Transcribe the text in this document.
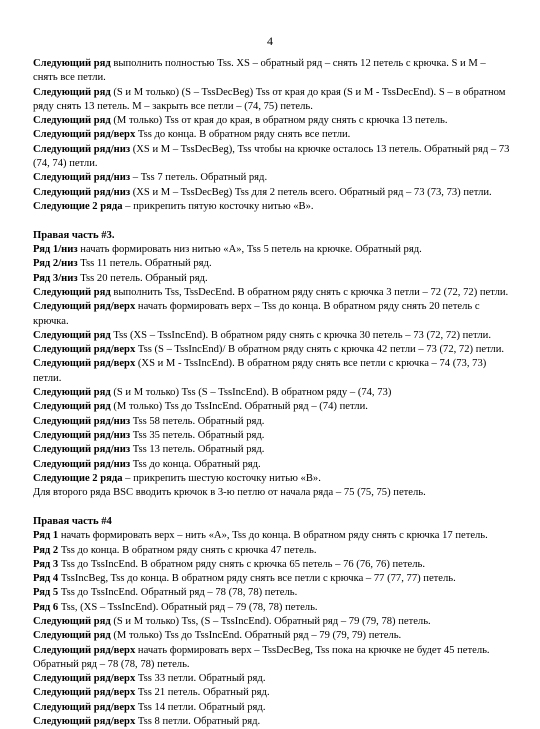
4

Следующий ряд выполнить полностью Tss. XS – обратный ряд – снять 12 петель с крючка. S и M – снять все петли.

Следующий ряд (S и M только) (S – TssDecBeg) Tss от края до края (S и M - TssDecEnd). S – в обратном ряду снять 13 петель. М – закрыть все петли – (74, 75) петель.

Следующий ряд (М только) Tss от края до края, в обратном ряду снять с крючка 13 петель.

Следующий ряд/верх Tss до конца. В обратном ряду снять все петли.

Следующий ряд/низ (XS и M – TssDecBeg), Tss чтобы на крючке осталось 13 петель. Обратный ряд – 73 (74, 74) петли.

Следующий ряд/низ – Tss 7 петель. Обратный ряд.

Следующий ряд/низ (XS и M – TssDecBeg) Tss для 2 петель всего. Обратный ряд – 73 (73, 73) петли.

Следующие 2 ряда – прикрепить пятую косточку нитью «В».

Правая часть #3.

Ряд 1/низ начать формировать низ нитью «А», Tss 5 петель на крючке. Обратный ряд.

Ряд 2/низ Tss 11 петель. Обратный ряд.

Ряд 3/низ Tss 20 петель. Обраный ряд.

Следующий ряд выполнить Tss, TssDecEnd. В обратном ряду снять с крючка 3 петли – 72 (72, 72) петли.

Следующий ряд/верх начать формировать верх – Tss до конца. В обратном ряду снять 20 петель с крючка.

Следующий ряд Tss (XS – TssIncEnd). В обратном ряду снять с крючка 30 петель – 73 (72, 72) петли.

Следующий ряд/верх Tss (S – TssIncEnd)/ В обратном ряду снять с крючка 42 петли – 73 (72, 72) петли.

Следующий ряд/верх (XS и M - TssIncEnd). В обратном ряду снять все петли с крючка – 74 (73, 73) петли.

Следующий ряд (S и M только) Tss (S – TssIncEnd). В обратном ряду – (74, 73)

Следующий ряд (М только) Tss до TssIncEnd. Обратный ряд – (74) петли.

Следующий ряд/низ Tss 58 петель. Обратный ряд.

Следующий ряд/низ Tss 35 петель. Обратный ряд.

Следующий ряд/низ Tss 13 петель. Обратный ряд.

Следующий ряд/низ Tss до конца. Обратный ряд.

Следующие 2 ряда – прикрепить шестую косточку нитью «В».

Для второго ряда BSC вводить крючок в 3-ю петлю от начала ряда – 75 (75, 75) петель.

Правая часть #4

Ряд 1 начать формировать верх – нить «А», Tss до конца. В обратном ряду снять с крючка 17 петель.

Ряд 2 Tss до конца. В обратном ряду снять с крючка 47 петель.

Ряд 3 Tss до TssIncEnd. В обратном ряду снять с крючка 65 петель – 76 (76, 76) петель.

Ряд 4 TssIncBeg, Tss до конца. В обратном ряду снять все петли с крючка – 77 (77, 77) петель.

Ряд 5 Tss до TssIncEnd. Обратный ряд – 78 (78, 78) петель.

Ряд 6 Tss, (XS – TssIncEnd). Обратный ряд – 79 (78, 78) петель.

Следующий ряд (S и M только) Tss, (S – TssIncEnd). Обратный ряд – 79 (79, 78) петель.

Следующий ряд (М только) Tss до TssIncEnd. Обратный ряд – 79 (79, 79) петель.

Следующий ряд/верх начать формировать верх – TssDecBeg, Tss пока на крючке не будет 45 петель. Обратный ряд – 78 (78, 78) петель.

Следующий ряд/верх Tss 33 петли. Обратный ряд.

Следующий ряд/верх Tss 21 петель. Обратный ряд.

Следующий ряд/верх Tss 14 петли. Обратный ряд.

Следующий ряд/верх Tss 8 петли. Обратный ряд.
